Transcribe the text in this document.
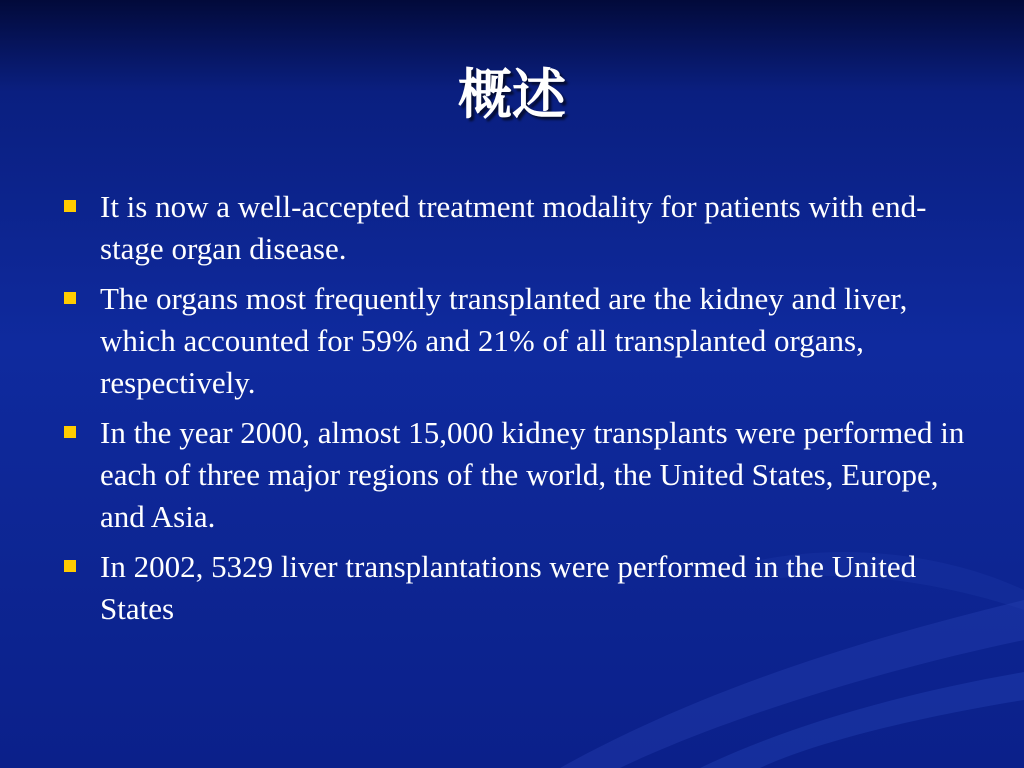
概述
It is now a well-accepted treatment modality for patients with end-stage organ disease.
The organs most frequently transplanted are the kidney and liver, which accounted for 59% and 21% of all transplanted organs, respectively.
In the year 2000, almost 15,000 kidney transplants were performed in each of three major regions of the world, the United States, Europe, and Asia.
In 2002, 5329 liver transplantations were performed in the United States
